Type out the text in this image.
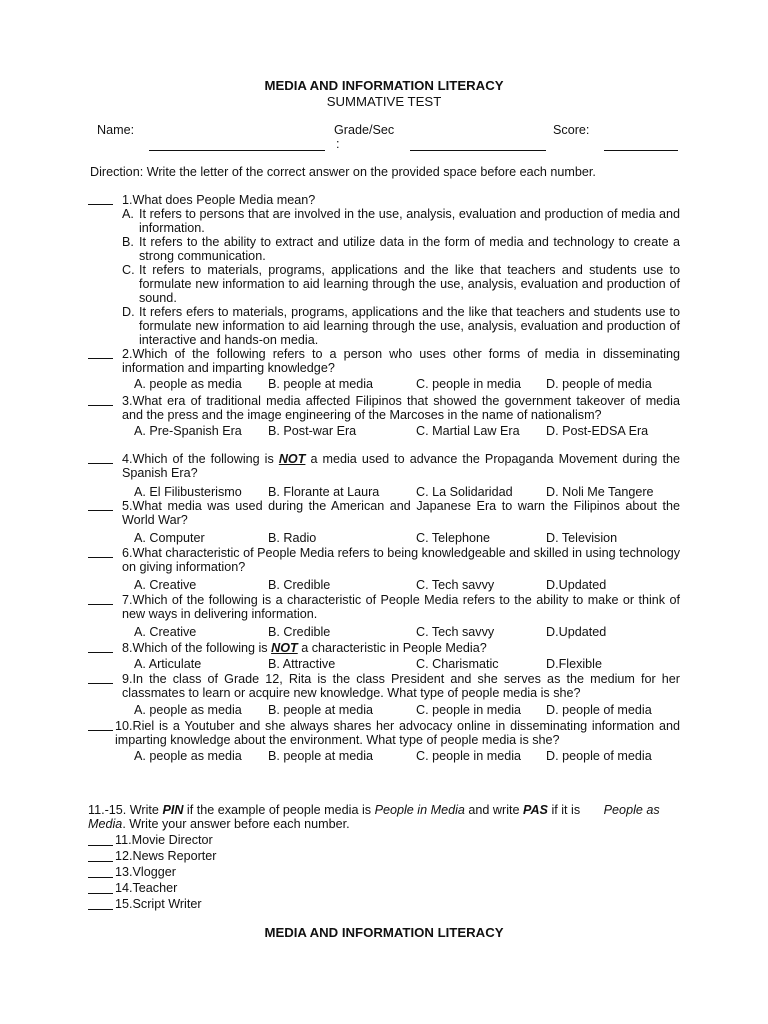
MEDIA AND INFORMATION LITERACY
SUMMATIVE TEST
Name:	Grade/Sec
:
Score:
Direction: Write the letter of the correct answer on the provided space before each number.
1.What does People Media mean?
A. It refers to persons that are involved in the use, analysis, evaluation and production of media and information.
B. It refers to the ability to extract and utilize data in the form of media and technology to create a strong communication.
C. It refers to materials, programs, applications and the like that teachers and students use to formulate new information to aid learning through the use, analysis, evaluation and production of sound.
D. It refers efers to materials, programs, applications and the like that teachers and students use to formulate new information to aid learning through the use, analysis, evaluation and production of interactive and hands-on media.
2.Which of the following refers to a person who uses other forms of media in disseminating information and imparting knowledge?
A. people as media B. people at media	C. people in media D. people of media
3.What era of traditional media affected Filipinos that showed the government takeover of media and the press and the image engineering of the Marcoses in the name of nationalism?
A. Pre-Spanish Era B. Post-war Era	C. Martial Law Era D. Post-EDSA Era
4.Which of the following is NOT a media used to advance the Propaganda Movement during the Spanish Era?
A. El Filibusterismo B. Florante at Laura	C. La Solidaridad	D. Noli Me Tangere
5.What media was used during the American and Japanese Era to warn the Filipinos about the World War?
A. Computer	B. Radio	C. Telephone	D. Television
6.What characteristic of People Media refers to being knowledgeable and skilled in using technology on giving information?
A. Creative	B. Credible	C. Tech savvy	D.Updated
7.Which of the following is a characteristic of People Media refers to the ability to make or think of new ways in delivering information.
A. Creative	B. Credible	C. Tech savvy	D.Updated
8.Which of the following is NOT a characteristic in People Media?
A. Articulate	B. Attractive	C. Charismatic	D.Flexible
9.In the class of Grade 12, Rita is the class President and she serves as the medium for her classmates to learn or acquire new knowledge. What type of people media is she?
A. people as media B. people at media	C. people in media D. people of media
10.Riel is a Youtuber and she always shares her advocacy online in disseminating information and imparting knowledge about the environment. What type of people media is she?
A. people as media B. people at media	C. people in media D. people of media
11.-15. Write PIN if the example of people media is People in Media and write PAS if it is People as Media. Write your answer before each number.
11.Movie Director
12.News Reporter
13.Vlogger
14.Teacher
15.Script Writer
MEDIA AND INFORMATION LITERACY
